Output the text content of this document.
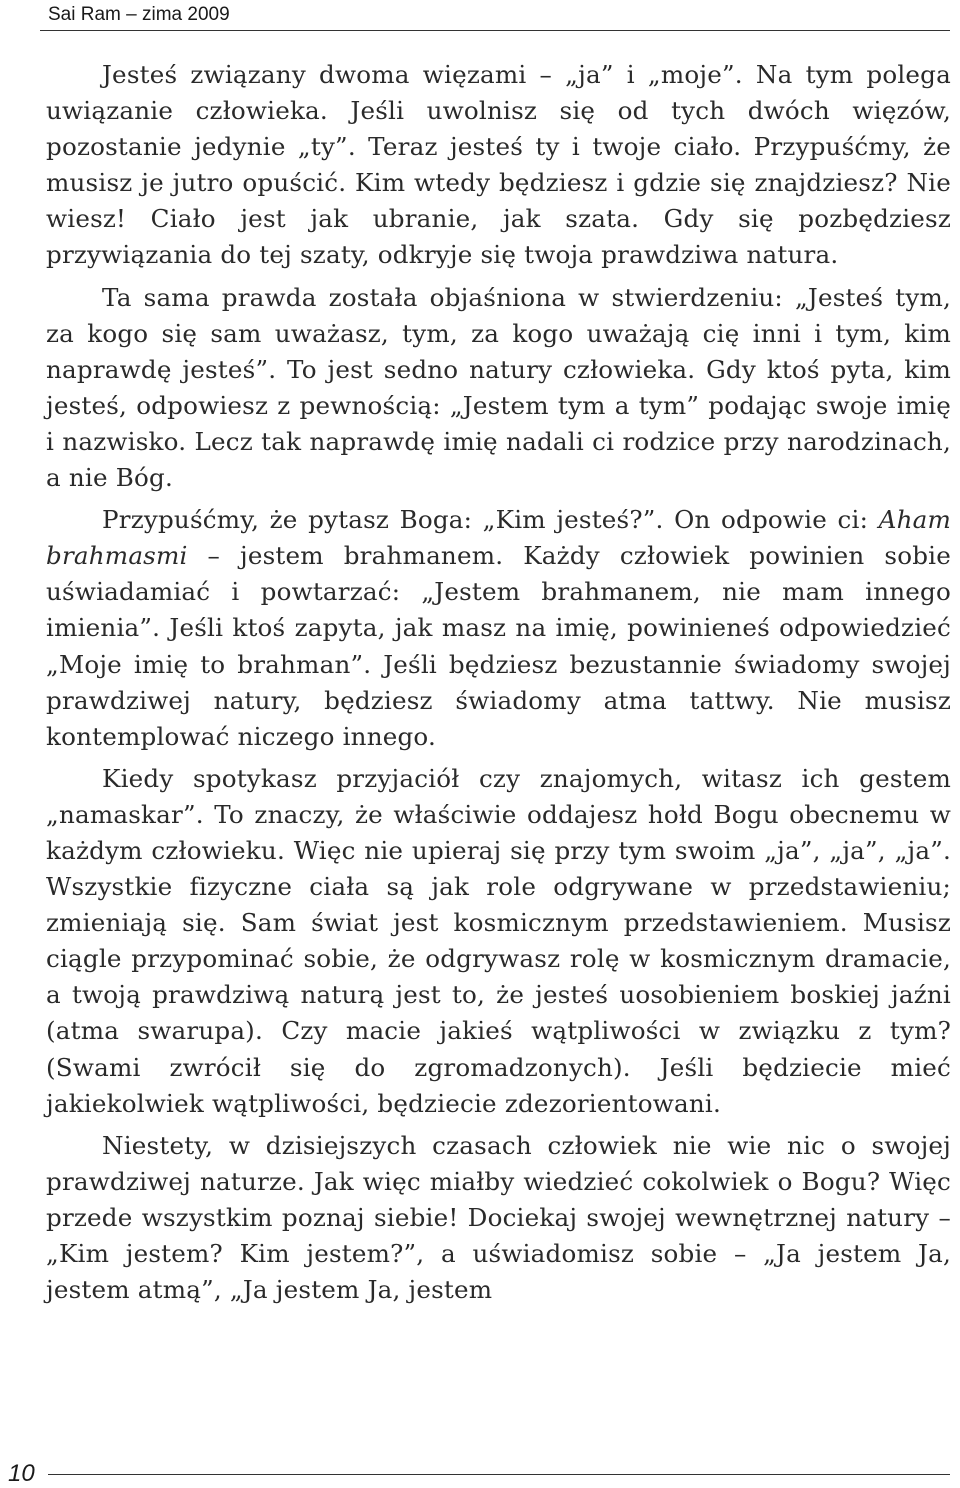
Sai Ram – zima 2009

Jesteś związany dwoma więzami – „ja” i „moje”. Na tym polega uwiązanie człowieka. Jeśli uwolnisz się od tych dwóch więzów, pozostanie jedynie „ty”. Teraz jesteś ty i twoje ciało. Przypuśćmy, że musisz je jutro opuścić. Kim wtedy będziesz i gdzie się znajdziesz? Nie wiesz! Ciało jest jak ubranie, jak szata. Gdy się pozbędziesz przywiązania do tej szaty, odkryje się twoja prawdziwa natura.

Ta sama prawda została objaśniona w stwierdzeniu: „Jesteś tym, za kogo się sam uważasz, tym, za kogo uważają cię inni i tym, kim naprawdę jesteś”. To jest sedno natury człowieka. Gdy ktoś pyta, kim jesteś, odpowiesz z pewnością: „Jestem tym a tym” podając swoje imię i nazwisko. Lecz tak naprawdę imię nadali ci rodzice przy narodzinach, a nie Bóg.

Przypuśćmy, że pytasz Boga: „Kim jesteś?”. On odpowie ci: Aham brahmasmi – jestem brahmanem. Każdy człowiek powinien sobie uświadamiać i powtarzać: „Jestem brahmanem, nie mam innego imienia”. Jeśli ktoś zapyta, jak masz na imię, powinieneś odpowiedzieć „Moje imię to brahman”. Jeśli będziesz bezustannie świadomy swojej prawdziwej natury, będziesz świadomy atma tattwy. Nie musisz kontemplować niczego innego.

Kiedy spotykasz przyjaciół czy znajomych, witasz ich gestem „namaskar”. To znaczy, że właściwie oddajesz hołd Bogu obecnemu w każdym człowieku. Więc nie upieraj się przy tym swoim „ja”, „ja”, „ja”. Wszystkie fizyczne ciała są jak role odgrywane w przedstawieniu; zmieniają się. Sam świat jest kosmicznym przedstawieniem. Musisz ciągle przypominać sobie, że odgrywasz rolę w kosmicznym dramacie, a twoją prawdziwą naturą jest to, że jesteś uosobieniem boskiej jaźni (atma swarupa). Czy macie jakieś wątpliwości w związku z tym? (Swami zwrócił się do zgromadzonych). Jeśli będziecie mieć jakiekolwiek wątpliwości, będziecie zdezorientowani.

Niestety, w dzisiejszych czasach człowiek nie wie nic o swojej prawdziwej naturze. Jak więc miałby wiedzieć cokolwiek o Bogu? Więc przede wszystkim poznaj siebie! Dociekaj swojej wewnętrznej natury – „Kim jestem? Kim jestem?”, a uświadomisz sobie – „Ja jestem Ja, jestem atmą”, „Ja jestem Ja, jestem

10
